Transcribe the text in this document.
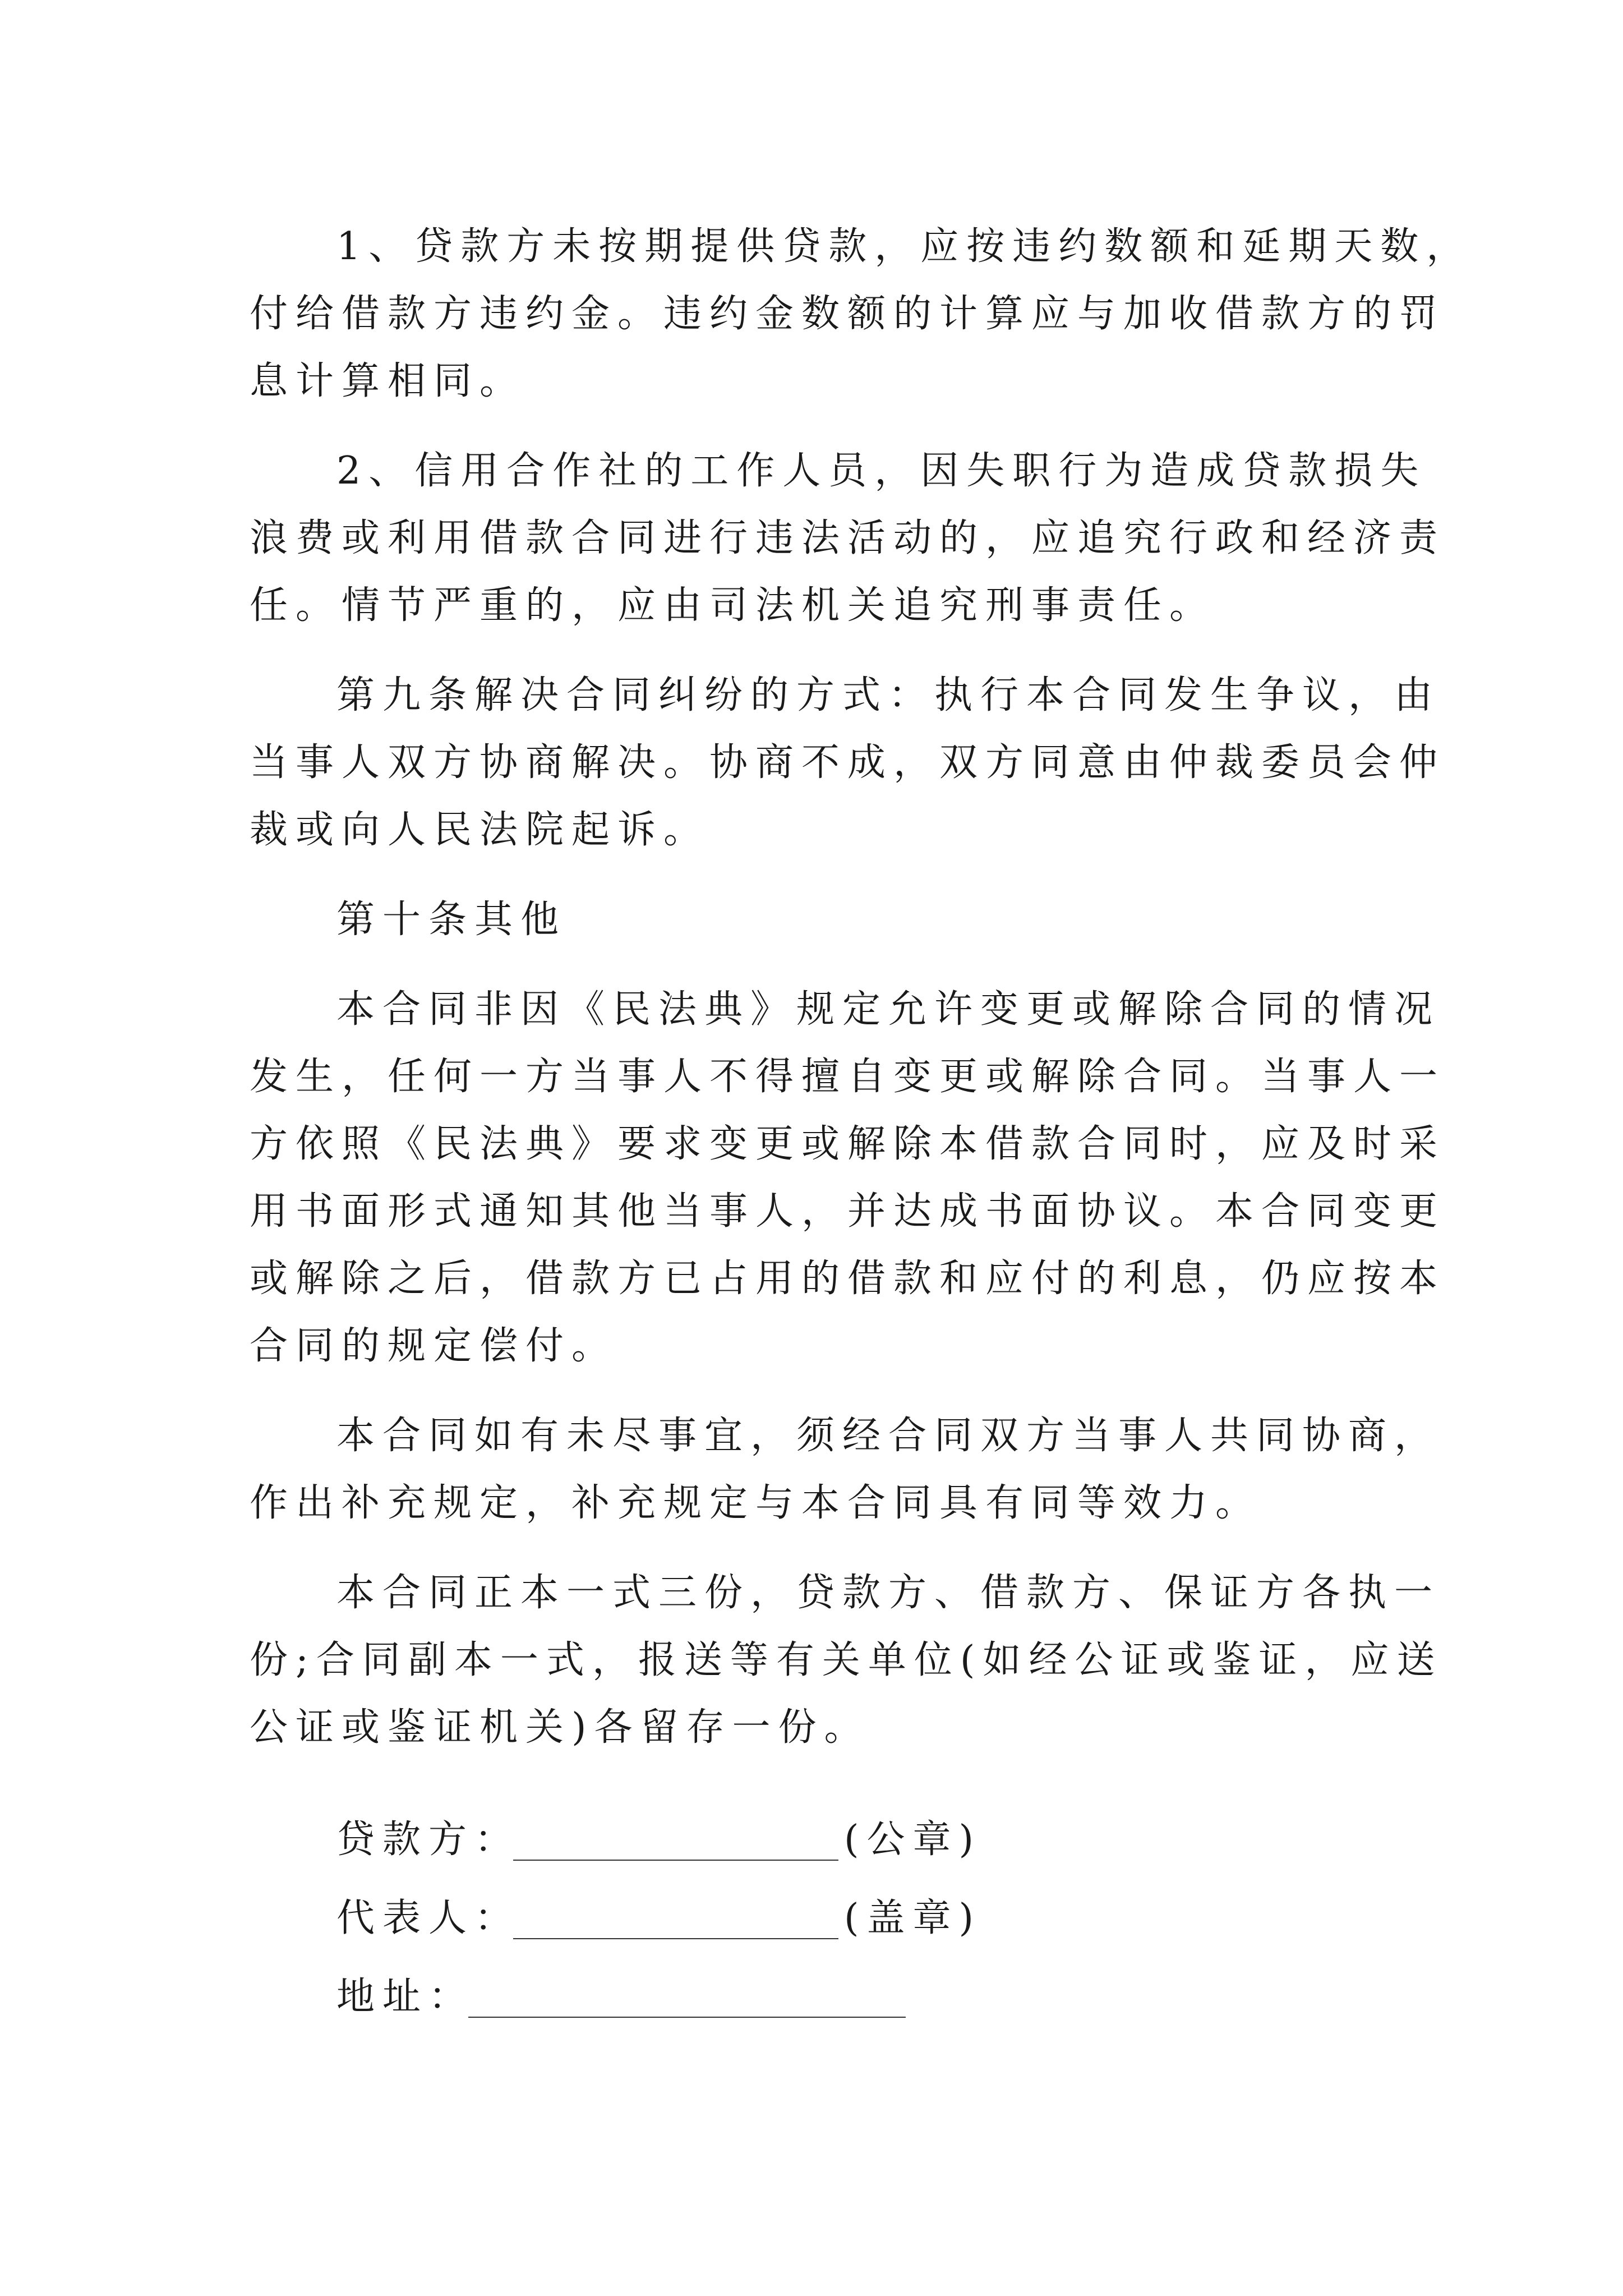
1、贷款方未按期提供贷款，应按违约数额和延期天数，
付给借款方违约金。违约金数额的计算应与加收借款方的罚
息计算相同。
2、信用合作社的工作人员，因失职行为造成贷款损失
浪费或利用借款合同进行违法活动的，应追究行政和经济责
任。情节严重的，应由司法机关追究刑事责任。
第九条解决合同纠纷的方式：执行本合同发生争议，由
当事人双方协商解决。协商不成，双方同意由仲裁委员会仲
裁或向人民法院起诉。
第十条其他
本合同非因《民法典》规定允许变更或解除合同的情况
发生，任何一方当事人不得擅自变更或解除合同。当事人一
方依照《民法典》要求变更或解除本借款合同时，应及时采
用书面形式通知其他当事人，并达成书面协议。本合同变更
或解除之后，借款方已占用的借款和应付的利息，仍应按本
合同的规定偿付。
本合同如有未尽事宜，须经合同双方当事人共同协商，
作出补充规定，补充规定与本合同具有同等效力。
本合同正本一式三份，贷款方、借款方、保证方各执一
份;合同副本一式，报送等有关单位(如经公证或鉴证，应送
公证或鉴证机关)各留存一份。
贷款方：	(公章)
代表人：	(盖章)
地址：
